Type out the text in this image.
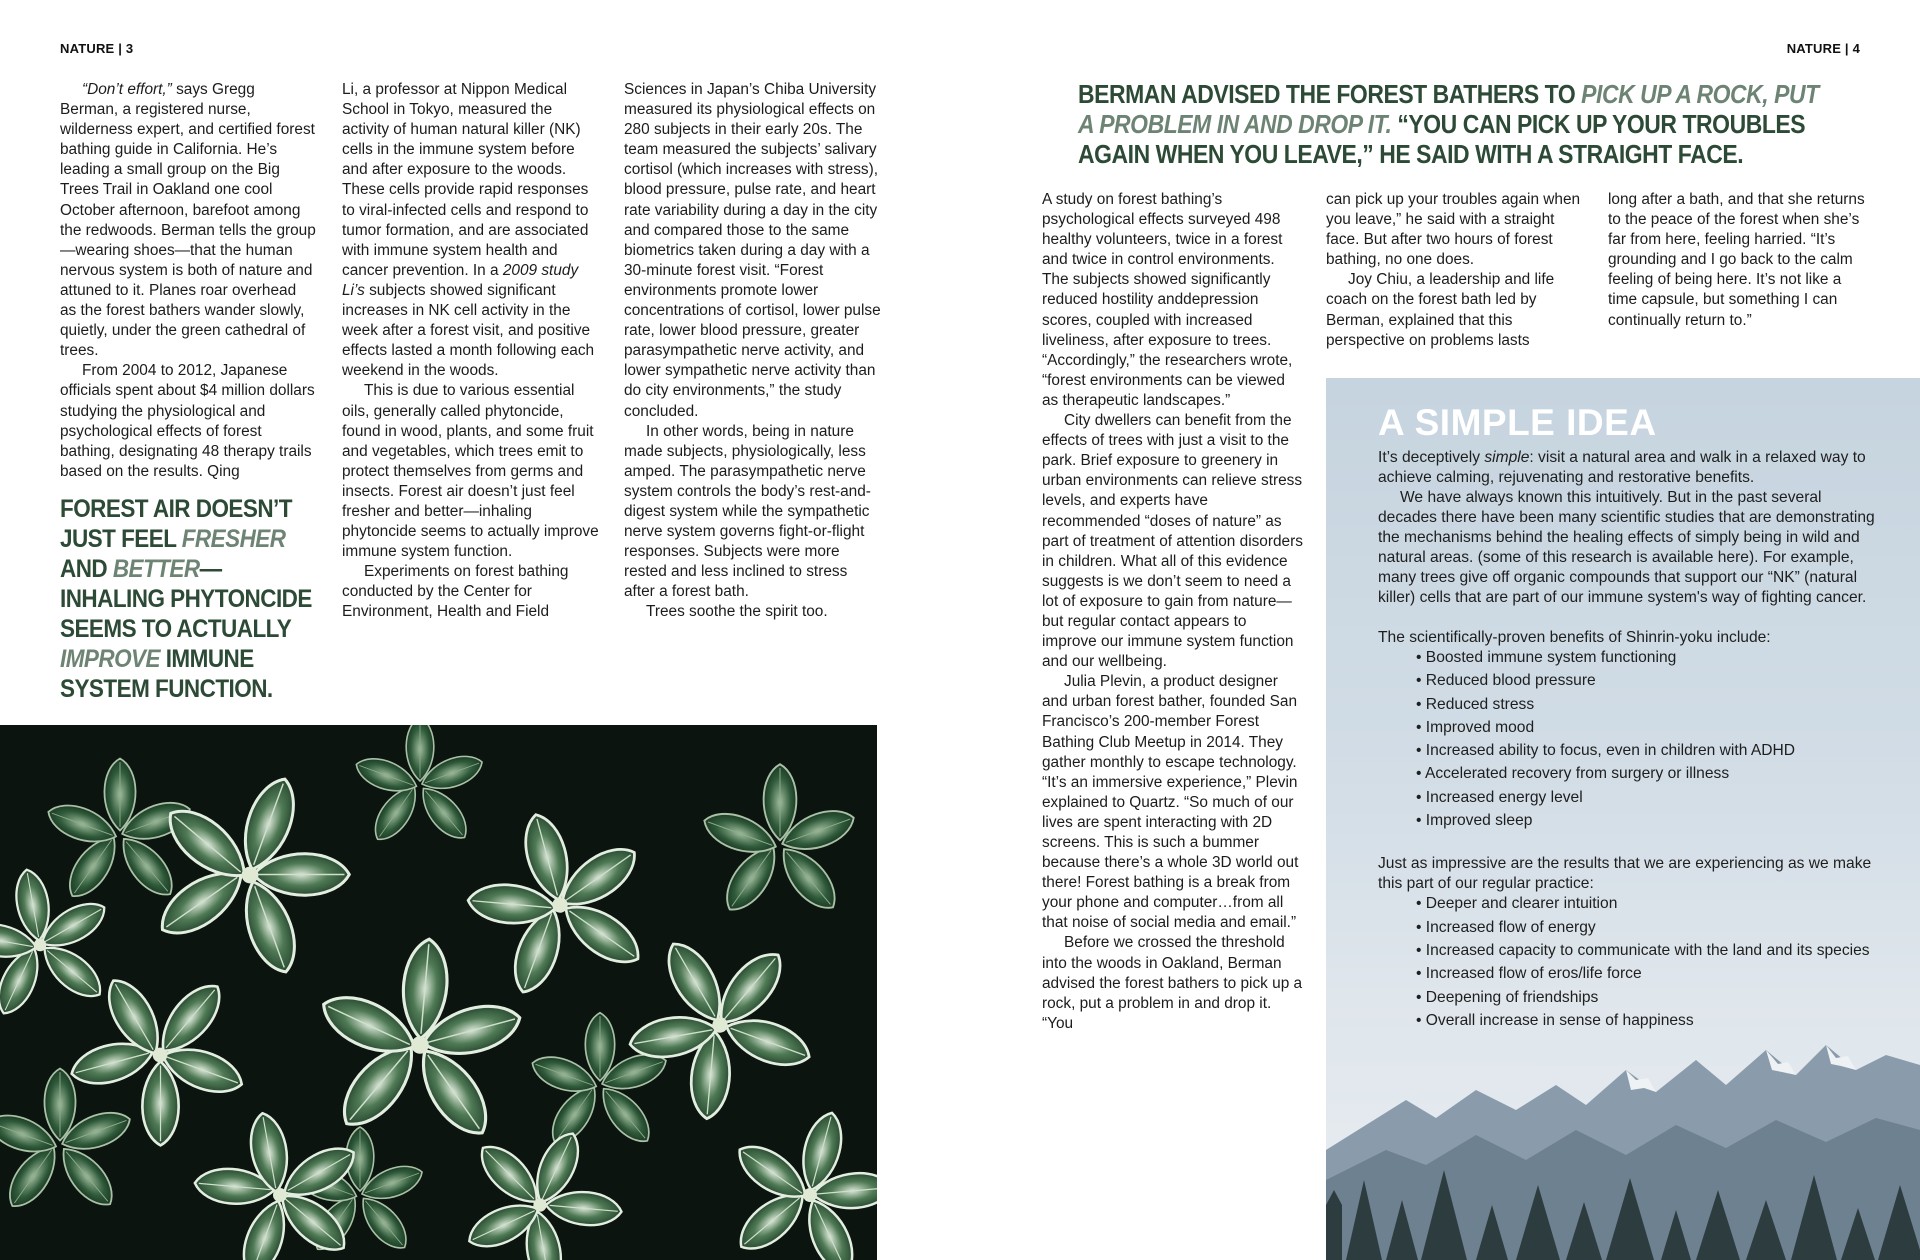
NATURE | 3	NATURE | 4

“Don’t effort,” says Gregg Berman, a registered nurse, wilderness expert, and certified forest bathing guide in California. He’s leading a small group on the Big Trees Trail in Oakland one cool October afternoon, barefoot among the redwoods. Berman tells the group—wearing shoes—that the human nervous system is both of nature and attuned to it. Planes roar overhead as the forest bathers wander slowly, quietly, under the green cathedral of trees.

From 2004 to 2012, Japanese officials spent about $4 million dollars studying the physiological and psychological effects of forest bathing, designating 48 therapy trails based on the results. Qing

Li, a professor at Nippon Medical School in Tokyo, measured the activity of human natural killer (NK) cells in the immune system before and after exposure to the woods. These cells provide rapid responses to viral-infected cells and respond to tumor formation, and are associated with immune system health and cancer prevention. In a 2009 study Li’s subjects showed significant increases in NK cell activity in the week after a forest visit, and positive effects lasted a month following each weekend in the woods.

This is due to various essential oils, generally called phytoncide, found in wood, plants, and some fruit and vegetables, which trees emit to protect themselves from germs and insects. Forest air doesn’t just feel fresher and better—inhaling phytoncide seems to actually improve immune system function.

Experiments on forest bathing conducted by the Center for Environment, Health and Field

Sciences in Japan’s Chiba University measured its physiological effects on 280 subjects in their early 20s. The team measured the subjects’ salivary cortisol (which increases with stress), blood pressure, pulse rate, and heart rate variability during a day in the city and compared those to the same biometrics taken during a day with a 30-minute forest visit. “Forest environments promote lower concentrations of cortisol, lower pulse rate, lower blood pressure, greater parasympathetic nerve activity, and lower sympathetic nerve activity than do city environments,” the study concluded.

In other words, being in nature made subjects, physiologically, less amped. The parasympathetic nerve system controls the body’s rest-and-digest system while the sympathetic nerve system governs fight-or-flight responses. Subjects were more rested and less inclined to stress after a forest bath.

Trees soothe the spirit too.

FOREST AIR DOESN’T JUST FEEL FRESHER AND BETTER—INHALING PHYTONCIDE SEEMS TO ACTUALLY IMPROVE IMMUNE SYSTEM FUNCTION.
BERMAN ADVISED THE FOREST BATHERS TO PICK UP A ROCK, PUT A PROBLEM IN AND DROP IT. “YOU CAN PICK UP YOUR TROUBLES AGAIN WHEN YOU LEAVE,” HE SAID WITH A STRAIGHT FACE.

A study on forest bathing’s psychological effects surveyed 498 healthy volunteers, twice in a forest and twice in control environments. The subjects showed significantly reduced hostility anddepression scores, coupled with increased liveliness, after exposure to trees. “Accordingly,” the researchers wrote, “forest environments can be viewed as therapeutic landscapes.”

City dwellers can benefit from the effects of trees with just a visit to the park. Brief exposure to greenery in urban environments can relieve stress levels, and experts have recommended “doses of nature” as part of treatment of attention disorders in children. What all of this evidence suggests is we don’t seem to need a lot of exposure to gain from nature—but regular contact appears to improve our immune system function and our wellbeing.

Julia Plevin, a product designer and urban forest bather, founded San Francisco’s 200-member Forest Bathing Club Meetup in 2014. They gather monthly to escape technology. “It’s an immersive experience,” Plevin explained to Quartz. “So much of our lives are spent interacting with 2D screens. This is such a bummer because there’s a whole 3D world out there! Forest bathing is a break from your phone and computer…from all that noise of social media and email.”

Before we crossed the threshold into the woods in Oakland, Berman advised the forest bathers to pick up a rock, put a problem in and drop it. “You

can pick up your troubles again when you leave,” he said with a straight face. But after two hours of forest bathing, no one does.

Joy Chiu, a leadership and life coach on the forest bath led by Berman, explained that this perspective on problems lasts

long after a bath, and that she returns to the peace of the forest when she’s far from here, feeling harried. “It’s grounding and I go back to the calm feeling of being here. It’s not like a time capsule, but something I can continually return to.”

A SIMPLE IDEA

It’s deceptively simple: visit a natural area and walk in a relaxed way to achieve calming, rejuvenating and restorative benefits.

We have always known this intuitively. But in the past several decades there have been many scientific studies that are demonstrating the mechanisms behind the healing effects of simply being in wild and natural areas. (some of this research is available here). For example, many trees give off organic compounds that support our “NK” (natural killer) cells that are part of our immune system's way of fighting cancer.

The scientifically-proven benefits of Shinrin-yoku include:

• Boosted immune system functioning
• Reduced blood pressure
• Reduced stress
• Improved mood
• Increased ability to focus, even in children with ADHD
• Accelerated recovery from surgery or illness
• Increased energy level
• Improved sleep

Just as impressive are the results that we are experiencing as we make this part of our regular practice:

• Deeper and clearer intuition
• Increased flow of energy
• Increased capacity to communicate with the land and its species
• Increased flow of eros/life force
• Deepening of friendships
• Overall increase in sense of happiness
